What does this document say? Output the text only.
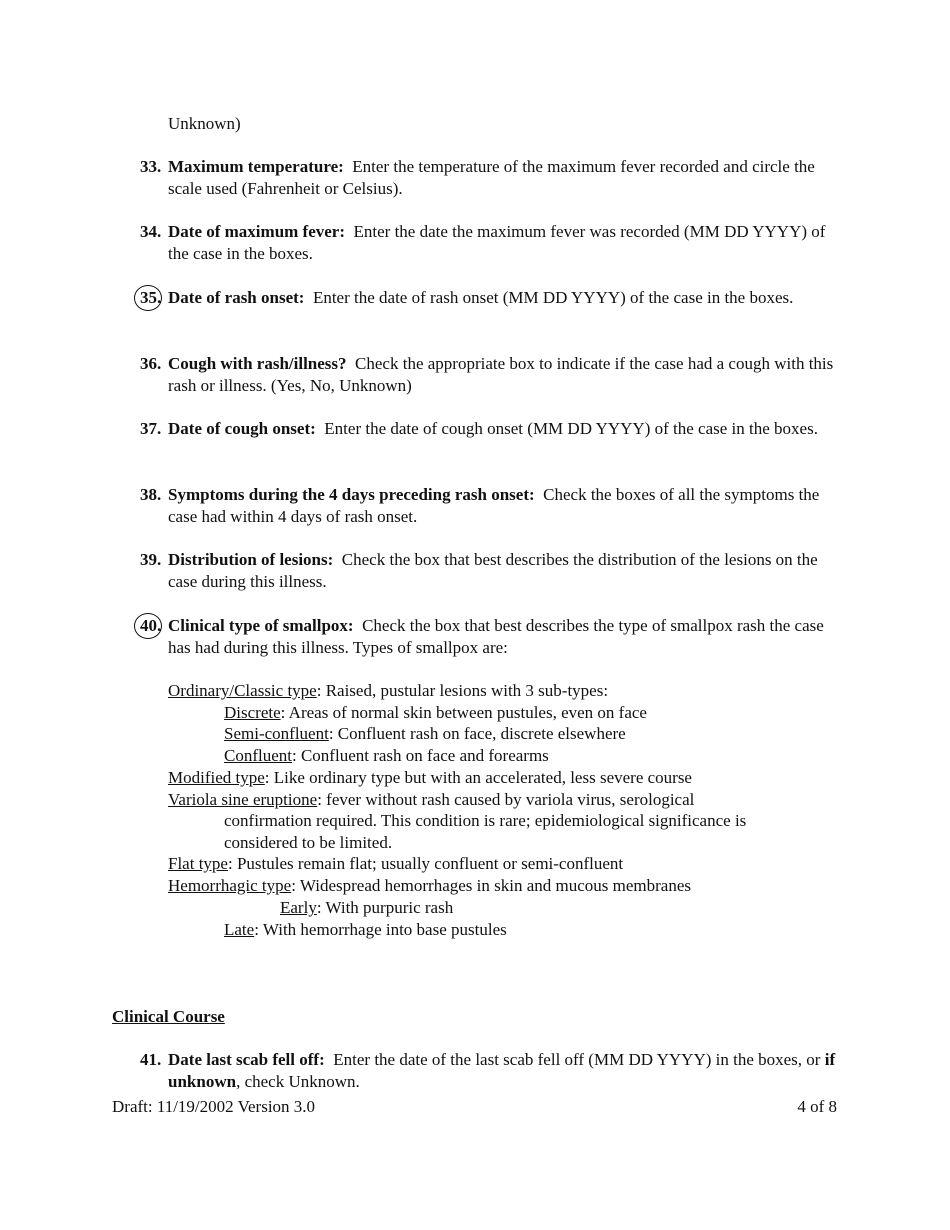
Unknown)
33. Maximum temperature: Enter the temperature of the maximum fever recorded and circle the scale used (Fahrenheit or Celsius).
34. Date of maximum fever: Enter the date the maximum fever was recorded (MM DD YYYY) of the case in the boxes.
35. Date of rash onset: Enter the date of rash onset (MM DD YYYY) of the case in the boxes.
36. Cough with rash/illness? Check the appropriate box to indicate if the case had a cough with this rash or illness. (Yes, No, Unknown)
37. Date of cough onset: Enter the date of cough onset (MM DD YYYY) of the case in the boxes.
38. Symptoms during the 4 days preceding rash onset: Check the boxes of all the symptoms the case had within 4 days of rash onset.
39. Distribution of lesions: Check the box that best describes the distribution of the lesions on the case during this illness.
40. Clinical type of smallpox: Check the box that best describes the type of smallpox rash the case has had during this illness. Types of smallpox are:
Ordinary/Classic type: Raised, pustular lesions with 3 sub-types:
Discrete: Areas of normal skin between pustules, even on face
Semi-confluent: Confluent rash on face, discrete elsewhere
Confluent: Confluent rash on face and forearms
Modified type: Like ordinary type but with an accelerated, less severe course
Variola sine eruptione: fever without rash caused by variola virus, serological
confirmation required. This condition is rare; epidemiological significance is
considered to be limited.
Flat type: Pustules remain flat; usually confluent or semi-confluent
Hemorrhagic type: Widespread hemorrhages in skin and mucous membranes
Early: With purpuric rash
Late: With hemorrhage into base pustules
Clinical Course
41. Date last scab fell off: Enter the date of the last scab fell off (MM DD YYYY) in the boxes, or if unknown, check Unknown.
Draft: 11/19/2002 Version 3.0	4 of 8
